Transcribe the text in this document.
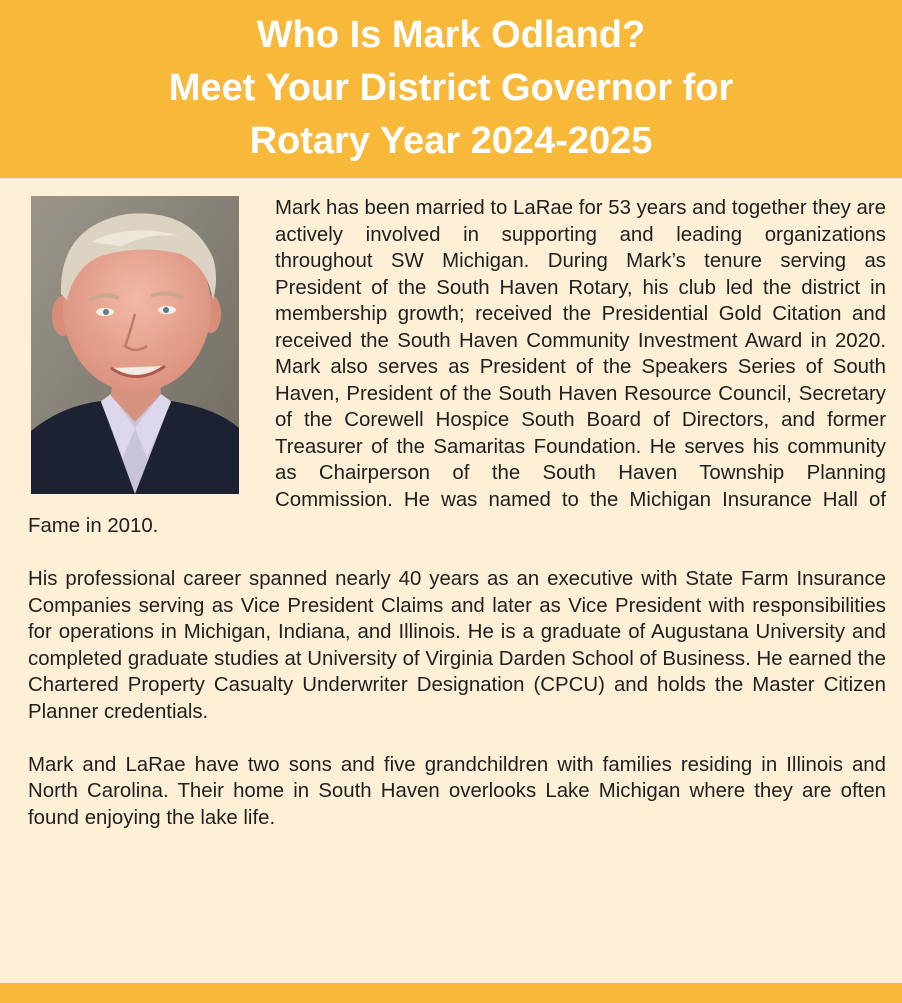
Who Is Mark Odland?
Meet Your District Governor for
Rotary Year 2024-2025

Mark has been married to LaRae for 53 years and together they are actively involved in supporting and leading organizations throughout SW Michigan. During Mark’s tenure serving as President of the South Haven Rotary, his club led the district in membership growth; received the Presidential Gold Citation and received the South Haven Community Investment Award in 2020. Mark also serves as President of the Speakers Series of South Haven, President of the South Haven Resource Council, Secretary of the Corewell Hospice South Board of Directors, and former Treasurer of the Samaritas Foundation. He serves his community as Chairperson of the South Haven Township Planning Commission. He was named to the Michigan Insurance Hall of Fame in 2010.

His professional career spanned nearly 40 years as an executive with State Farm Insurance Companies serving as Vice President Claims and later as Vice President with responsibilities for operations in Michigan, Indiana, and Illinois. He is a graduate of Augustana University and completed graduate studies at University of Virginia Darden School of Business. He earned the Chartered Property Casualty Underwriter Designation (CPCU) and holds the Master Citizen Planner credentials.

Mark and LaRae have two sons and five grandchildren with families residing in Illinois and North Carolina. Their home in South Haven overlooks Lake Michigan where they are often found enjoying the lake life.
